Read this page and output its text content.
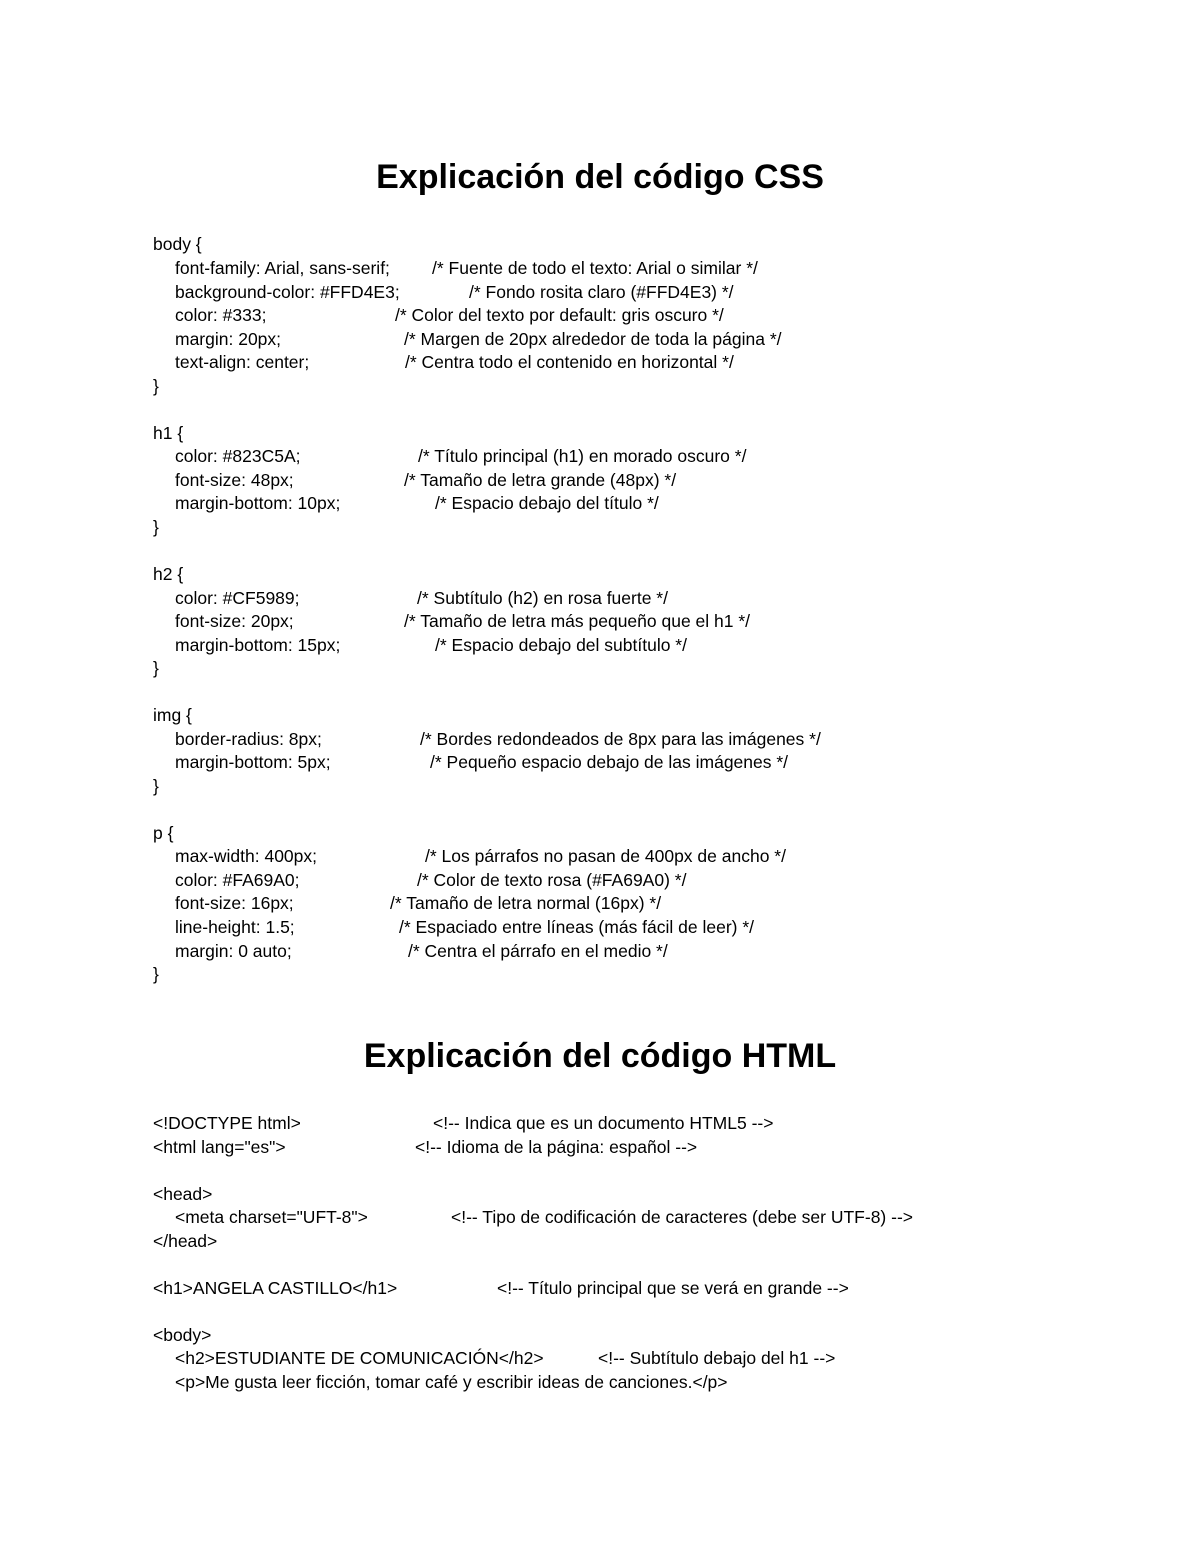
Explicación del código CSS
body {
font-family: Arial, sans-serif; /* Fuente de todo el texto: Arial o similar */
background-color: #FFD4E3;	/* Fondo rosita claro (#FFD4E3) */
color: #333;	/* Color del texto por default: gris oscuro */
margin: 20px;	/* Margen de 20px alrededor de toda la página */
text-align: center;	/* Centra todo el contenido en horizontal */
}
h1 {
color: #823C5A;	/* Título principal (h1) en morado oscuro */
font-size: 48px;	/* Tamaño de letra grande (48px) */
margin-bottom: 10px;	/* Espacio debajo del título */
}
h2 {
color: #CF5989;	/* Subtítulo (h2) en rosa fuerte */
font-size: 20px;	/* Tamaño de letra más pequeño que el h1 */
margin-bottom: 15px;	/* Espacio debajo del subtítulo */
}
img {
border-radius: 8px;	/* Bordes redondeados de 8px para las imágenes */
margin-bottom: 5px;	/* Pequeño espacio debajo de las imágenes */
}
p {
max-width: 400px;	/* Los párrafos no pasan de 400px de ancho */
color: #FA69A0;	/* Color de texto rosa (#FA69A0) */
font-size: 16px;	/* Tamaño de letra normal (16px) */
line-height: 1.5;	/* Espaciado entre líneas (más fácil de leer) */
margin: 0 auto;	/* Centra el párrafo en el medio */
}
Explicación del código HTML
<!DOCTYPE html>	<!-- Indica que es un documento HTML5 -->
<html lang="es">	<!-- Idioma de la página: español -->
<head>
<meta charset="UFT-8">	<!-- Tipo de codificación de caracteres (debe ser UTF-8) -->
</head>
<h1>ANGELA CASTILLO</h1>	<!-- Título principal que se verá en grande -->
<body>
<h2>ESTUDIANTE DE COMUNICACIÓN</h2>	<!-- Subtítulo debajo del h1 -->
<p>Me gusta leer ficción, tomar café y escribir ideas de canciones.</p>
